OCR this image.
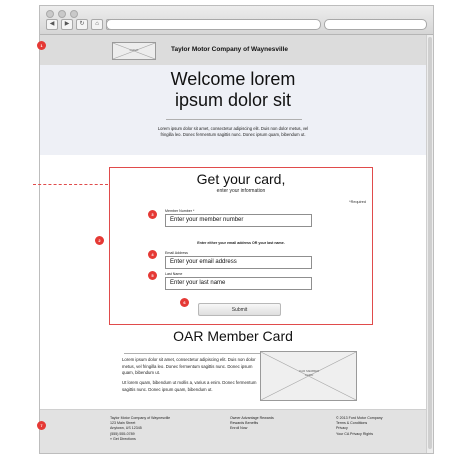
◀	▶	↻	⌂
LOGO	Taylor Motor Company of Waynesville
Welcome lorem
ipsum dolor sit
Lorem ipsum dolor sit amet, consectetur adipiscing elit. Duis non dolor metus, vel fringilla leo. Donec fermentum sagittis nunc. Donec ipsum quam, bibendum ut.
Get your card,
enter your information
*Required
Member Number *
Enter your member number
Enter either your email address OR your last name.
Email Address
Enter your email address
Last Name
Enter your last name
Submit
OAR Member Card
Lorem ipsum dolor sit amet, consectetur adipiscing elit. Duis non dolor metus, vel fringilla leo. Donec fermentum sagittis nunc. Donec ipsum quam, bibendum ut.
Ut lorem quam, bibendum ut mollis a, varius a enim. Donec fermentum sagittis nunc. Donec ipsum quam, bibendum ut.
OAR MEMBER CARD
Taylor Motor Company of Waynesville
123 Main Street
Anytown, US 12345
(555) 555-0789
» Get Directions
Owner Advantage Rewards
Rewards Benefits
Enroll Now
© 2013 Ford Motor Company
Terms & Conditions
Privacy
Your CA Privacy Rights
1
2
3
4
5
6
7
